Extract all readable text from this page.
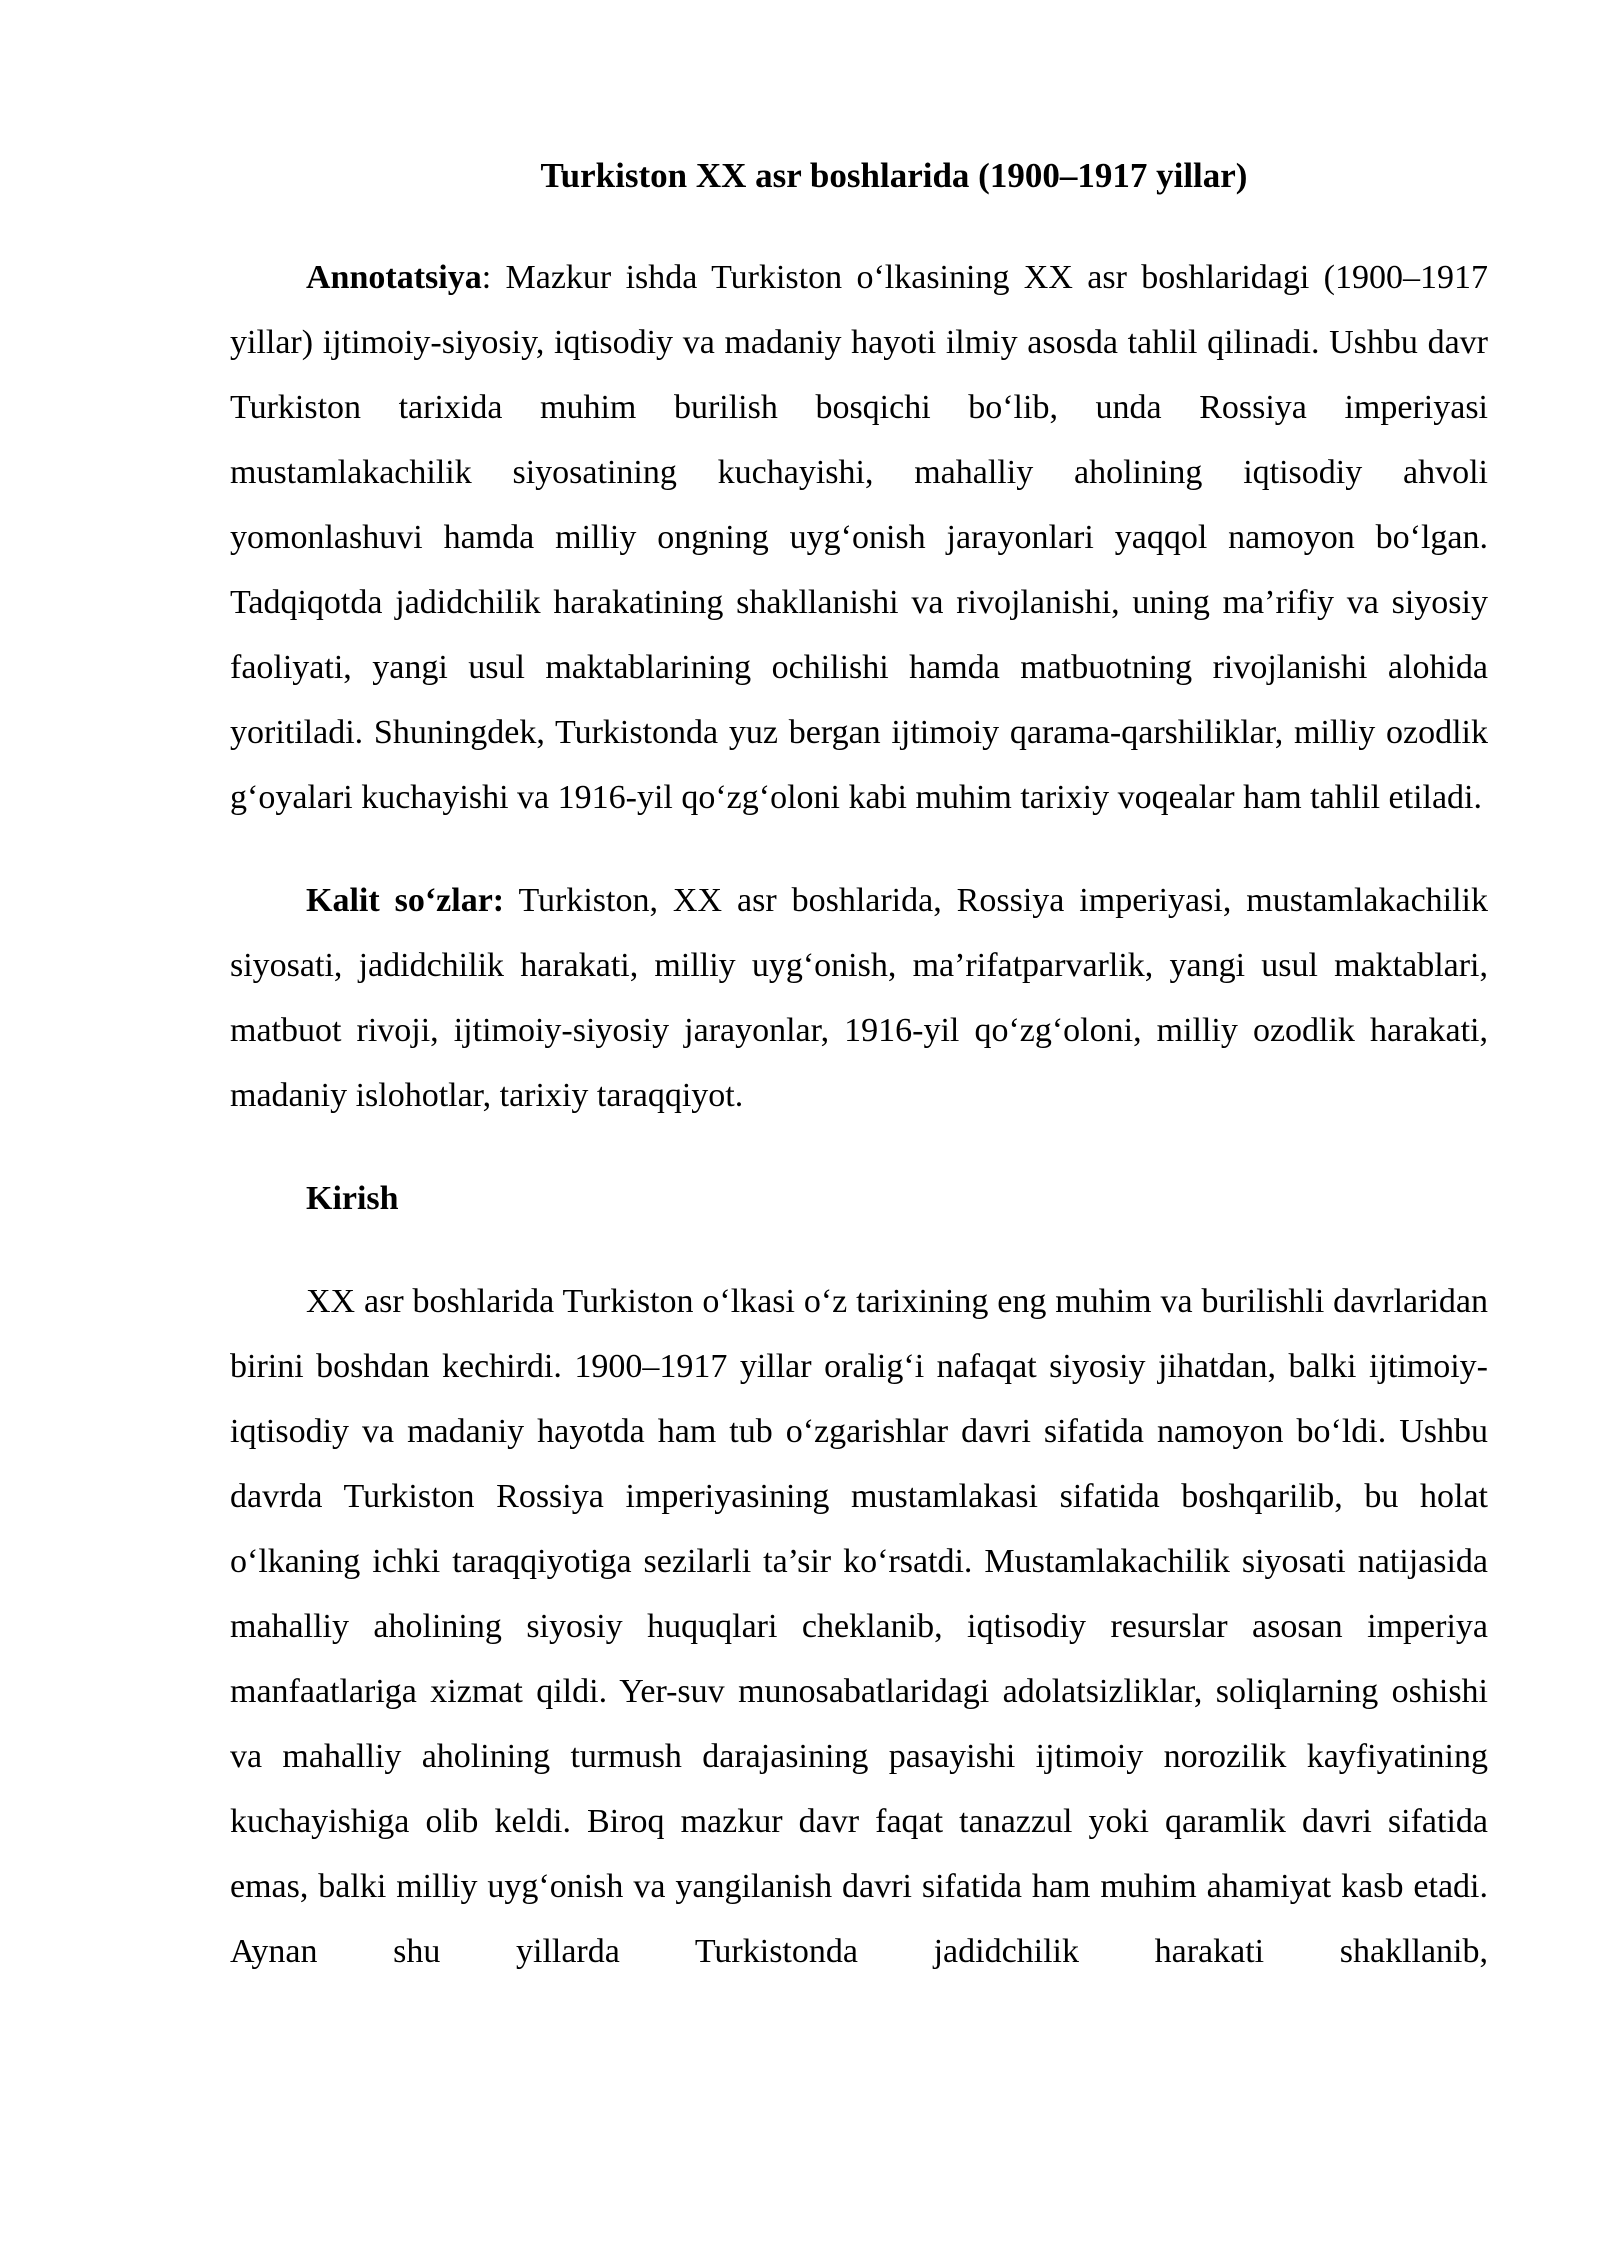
Turkiston XX asr boshlarida (1900–1917 yillar)

Annotatsiya: Mazkur ishda Turkiston o‘lkasining XX asr boshlaridagi (1900–1917 yillar) ijtimoiy-siyosiy, iqtisodiy va madaniy hayoti ilmiy asosda tahlil qilinadi. Ushbu davr Turkiston tarixida muhim burilish bosqichi bo‘lib, unda Rossiya imperiyasi mustamlakachilik siyosatining kuchayishi, mahalliy aholining iqtisodiy ahvoli yomonlashuvi hamda milliy ongning uyg‘onish jarayonlari yaqqol namoyon bo‘lgan. Tadqiqotda jadidchilik harakatining shakllanishi va rivojlanishi, uning ma’rifiy va siyosiy faoliyati, yangi usul maktablarining ochilishi hamda matbuotning rivojlanishi alohida yoritiladi. Shuningdek, Turkistonda yuz bergan ijtimoiy qarama-qarshiliklar, milliy ozodlik g‘oyalari kuchayishi va 1916-yil qo‘zg‘oloni kabi muhim tarixiy voqealar ham tahlil etiladi.

Kalit so‘zlar: Turkiston, XX asr boshlarida, Rossiya imperiyasi, mustamlakachilik siyosati, jadidchilik harakati, milliy uyg‘onish, ma’rifatparvarlik, yangi usul maktablari, matbuot rivoji, ijtimoiy-siyosiy jarayonlar, 1916-yil qo‘zg‘oloni, milliy ozodlik harakati, madaniy islohotlar, tarixiy taraqqiyot.

Kirish

XX asr boshlarida Turkiston o‘lkasi o‘z tarixining eng muhim va burilishli davrlaridan birini boshdan kechirdi. 1900–1917 yillar oralig‘i nafaqat siyosiy jihatdan, balki ijtimoiy-iqtisodiy va madaniy hayotda ham tub o‘zgarishlar davri sifatida namoyon bo‘ldi. Ushbu davrda Turkiston Rossiya imperiyasining mustamlakasi sifatida boshqarilib, bu holat o‘lkaning ichki taraqqiyotiga sezilarli ta’sir ko‘rsatdi. Mustamlakachilik siyosati natijasida mahalliy aholining siyosiy huquqlari cheklanib, iqtisodiy resurslar asosan imperiya manfaatlariga xizmat qildi. Yer-suv munosabatlaridagi adolatsizliklar, soliqlarning oshishi va mahalliy aholining turmush darajasining pasayishi ijtimoiy norozilik kayfiyatining kuchayishiga olib keldi. Biroq mazkur davr faqat tanazzul yoki qaramlik davri sifatida emas, balki milliy uyg‘onish va yangilanish davri sifatida ham muhim ahamiyat kasb etadi. Aynan shu yillarda Turkistonda jadidchilik harakati shakllanib,
